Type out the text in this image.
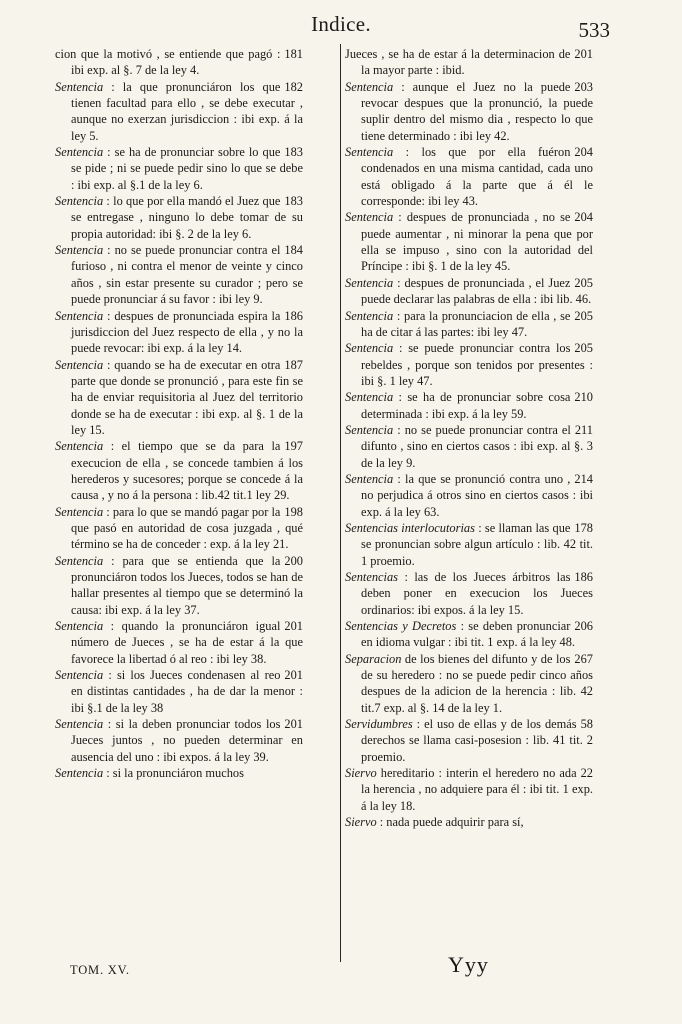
Indice.	533

181
cion que la motivó , se entiende que pagó : ibi exp. al §. 7 de la ley 4.

182
Sentencia : la que pronunciáron los que tienen facultad para ello , se debe executar , aunque no exerzan jurisdiccion : ibi exp. á la ley 5.

183
Sentencia : se ha de pronunciar sobre lo que se pide ; ni se puede pedir sino lo que se debe : ibi exp. al §.1 de la ley 6.

183
Sentencia : lo que por ella mandó el Juez que se entregase , ninguno lo debe tomar de su propia autoridad: ibi §. 2 de la ley 6.

184
Sentencia : no se puede pronunciar contra el furioso , ni contra el menor de veinte y cinco años , sin estar presente su curador ; pero se puede pronunciar á su favor : ibi ley 9.

186
Sentencia : despues de pronunciada espira la jurisdiccion del Juez respecto de ella , y no la puede revocar: ibi exp. á la ley 14.

187
Sentencia : quando se ha de executar en otra parte que donde se pronunció , para este fin se ha de enviar requisitoria al Juez del territorio donde se ha de executar : ibi exp. al §. 1 de la ley 15.

197
Sentencia : el tiempo que se da para la execucion de ella , se concede tambien á los herederos y sucesores; porque se concede á la causa , y no á la persona : lib.42 tit.1 ley 29.

198
Sentencia : para lo que se mandó pagar por la que pasó en autoridad de cosa juzgada , qué término se ha de conceder : exp. á la ley 21.

200
Sentencia : para que se entienda que la pronunciáron todos los Jueces, todos se han de hallar presentes al tiempo que se determinó la causa: ibi exp. á la ley 37.

201
Sentencia : quando la pronunciáron igual número de Jueces , se ha de estar á la que favorece la libertad ó al reo : ibi ley 38.

201
Sentencia : si los Jueces condenasen al reo en distintas cantidades , ha de dar la menor : ibi §.1 de la ley 38

201
Sentencia : si la deben pronunciar todos los Jueces juntos , no pueden determinar en ausencia del uno : ibi expos. á la ley 39.

Sentencia : si la pronunciáron muchos

201
Jueces , se ha de estar á la determinacion de la mayor parte : ibid.

203
Sentencia : aunque el Juez no la puede revocar despues que la pronunció, la puede suplir dentro del mismo dia , respecto lo que tiene determinado : ibi ley 42.

204
Sentencia : los que por ella fuéron condenados en una misma cantidad, cada uno está obligado á la parte que á él le corresponde: ibi ley 43.

204
Sentencia : despues de pronunciada , no se puede aumentar , ni minorar la pena que por ella se impuso , sino con la autoridad del Príncipe : ibi §. 1 de la ley 45.

205
Sentencia : despues de pronunciada , el Juez puede declarar las palabras de ella : ibi lib. 46.

205
Sentencia : para la pronunciacion de ella , se ha de citar á las partes: ibi ley 47.

205
Sentencia : se puede pronunciar contra los rebeldes , porque son tenidos por presentes : ibi §. 1 ley 47.

210
Sentencia : se ha de pronunciar sobre cosa determinada : ibi exp. á la ley 59.

211
Sentencia : no se puede pronunciar contra el difunto , sino en ciertos casos : ibi exp. al §. 3 de la ley 9.

214
Sentencia : la que se pronunció contra uno , no perjudica á otros sino en ciertos casos : ibi exp. á la ley 63.

178
Sentencias interlocutorias : se llaman las que se pronuncian sobre algun artículo : lib. 42 tit. 1 proemio.

186
Sentencias : las de los Jueces árbitros las deben poner en execucion los Jueces ordinarios: ibi expos. á la ley 15.

206
Sentencias y Decretos : se deben pronunciar en idioma vulgar : ibi tit. 1 exp. á la ley 48.

267
Separacion de los bienes del difunto y de los de su heredero : no se puede pedir cinco años despues de la adicion de la herencia : lib. 42 tit.7 exp. al §. 14 de la ley 1.

58
Servidumbres : el uso de ellas y de los demás derechos se llama casi-posesion : lib. 41 tit. 2 proemio.

22
Siervo hereditario : interin el heredero no ada la herencia , no adquiere para él : ibi tit. 1 exp. á la ley 18.

Siervo : nada puede adquirir para sí,

TOM. XV.	Yyy
